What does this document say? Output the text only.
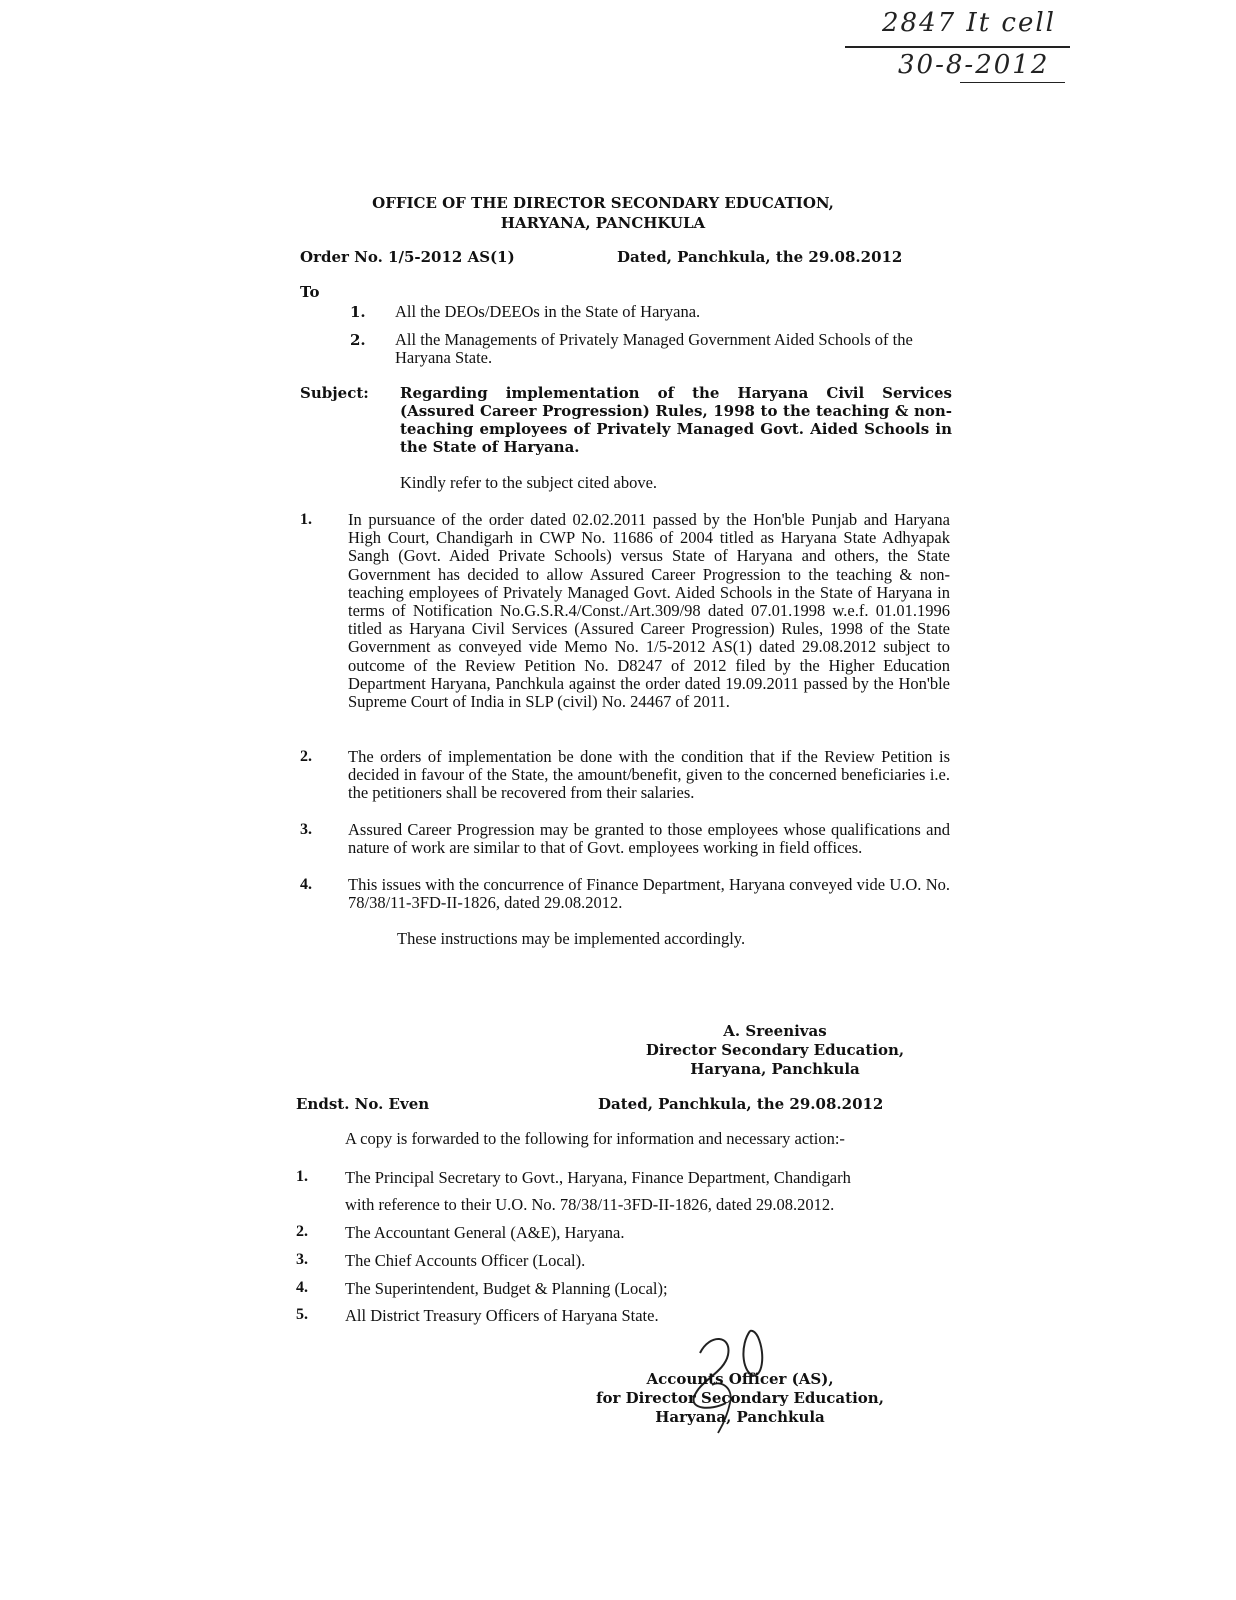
2847 It cell
30-8-2012
OFFICE OF THE DIRECTOR SECONDARY EDUCATION,
HARYANA, PANCHKULA
Order No. 1/5-2012 AS(1)	Dated, Panchkula, the 29.08.2012
To
1. All the DEOs/DEEOs in the State of Haryana.
2. All the Managements of Privately Managed Government Aided Schools of the Haryana State.
Subject: Regarding implementation of the Haryana Civil Services (Assured Career Progression) Rules, 1998 to the teaching & non-teaching employees of Privately Managed Govt. Aided Schools in the State of Haryana.
Kindly refer to the subject cited above.
1.	In pursuance of the order dated 02.02.2011 passed by the Hon'ble Punjab and Haryana High Court, Chandigarh in CWP No. 11686 of 2004 titled as Haryana State Adhyapak Sangh (Govt. Aided Private Schools) versus State of Haryana and others, the State Government has decided to allow Assured Career Progression to the teaching & non-teaching employees of Privately Managed Govt. Aided Schools in the State of Haryana in terms of Notification No.G.S.R.4/Const./Art.309/98 dated 07.01.1998 w.e.f. 01.01.1996 titled as Haryana Civil Services (Assured Career Progression) Rules, 1998 of the State Government as conveyed vide Memo No. 1/5-2012 AS(1) dated 29.08.2012 subject to outcome of the Review Petition No. D8247 of 2012 filed by the Higher Education Department Haryana, Panchkula against the order dated 19.09.2011 passed by the Hon'ble Supreme Court of India in SLP (civil) No. 24467 of 2011.
2.	The orders of implementation be done with the condition that if the Review Petition is decided in favour of the State, the amount/benefit, given to the concerned beneficiaries i.e. the petitioners shall be recovered from their salaries.
3.	Assured Career Progression may be granted to those employees whose qualifications and nature of work are similar to that of Govt. employees working in field offices.
4.	This issues with the concurrence of Finance Department, Haryana conveyed vide U.O. No. 78/38/11-3FD-II-1826, dated 29.08.2012.
These instructions may be implemented accordingly.
A. Sreenivas
Director Secondary Education,
Haryana, Panchkula
Endst. No. Even	Dated, Panchkula, the 29.08.2012
A copy is forwarded to the following for information and necessary action:-
1. The Principal Secretary to Govt., Haryana, Finance Department, Chandigarh
with reference to their U.O. No. 78/38/11-3FD-II-1826, dated 29.08.2012.
2. The Accountant General (A&E), Haryana.
3. The Chief Accounts Officer (Local).
4. The Superintendent, Budget & Planning (Local);
5. All District Treasury Officers of Haryana State.
Accounts Officer (AS),
for Director Secondary Education,
Haryana, Panchkula
